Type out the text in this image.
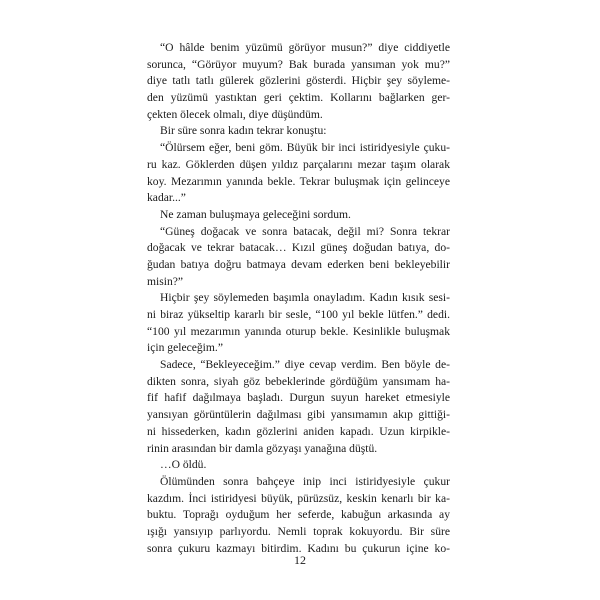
“O hâlde benim yüzümü görüyor musun?” diye ciddiyetle
sorunca, “Görüyor muyum? Bak burada yansıman yok mu?”
diye tatlı tatlı gülerek gözlerini gösterdi. Hiçbir şey söyleme-
den yüzümü yastıktan geri çektim. Kollarını bağlarken ger-
çekten ölecek olmalı, diye düşündüm.
Bir süre sonra kadın tekrar konuştu:
“Ölürsem eğer, beni göm. Büyük bir inci istiridyesiyle çuku-
ru kaz. Göklerden düşen yıldız parçalarını mezar taşım olarak
koy. Mezarımın yanında bekle. Tekrar buluşmak için gelinceye
kadar...”
Ne zaman buluşmaya geleceğini sordum.
“Güneş doğacak ve sonra batacak, değil mi? Sonra tekrar
doğacak ve tekrar batacak… Kızıl güneş doğudan batıya, do-
ğudan batıya doğru batmaya devam ederken beni bekleyebilir
misin?”
Hiçbir şey söylemeden başımla onayladım. Kadın kısık sesi-
ni biraz yükseltip kararlı bir sesle, “100 yıl bekle lütfen.” dedi.
“100 yıl mezarımın yanında oturup bekle. Kesinlikle buluşmak
için geleceğim.”
Sadece, “Bekleyeceğim.” diye cevap verdim. Ben böyle de-
dikten sonra, siyah göz bebeklerinde gördüğüm yansımam ha-
fif hafif dağılmaya başladı. Durgun suyun hareket etmesiyle
yansıyan görüntülerin dağılması gibi yansımamın akıp gittiği-
ni hissederken, kadın gözlerini aniden kapadı. Uzun kirpikle-
rinin arasından bir damla gözyaşı yanağına düştü.
…O öldü.
Ölümünden sonra bahçeye inip inci istiridyesiyle çukur
kazdım. İnci istiridyesi büyük, pürüzsüz, keskin kenarlı bir ka-
buktu. Toprağı oyduğum her seferde, kabuğun arkasında ay
ışığı yansıyıp parlıyordu. Nemli toprak kokuyordu. Bir süre
sonra çukuru kazmayı bitirdim. Kadını bu çukurun içine ko-
12
